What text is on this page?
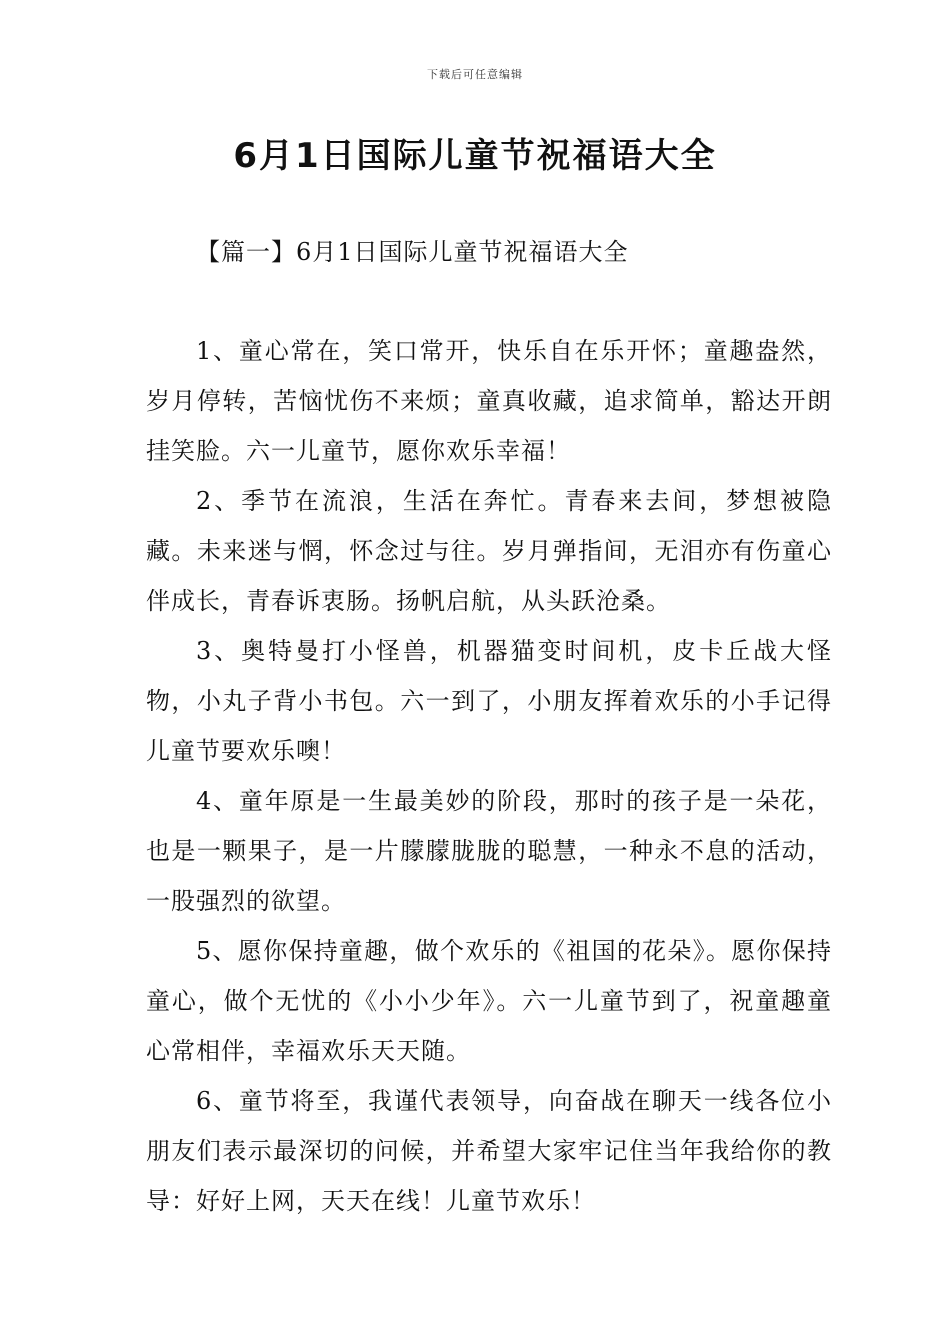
下载后可任意编辑
6月1日国际儿童节祝福语大全
【篇一】6月1日国际儿童节祝福语大全

1、童心常在，笑口常开，快乐自在乐开怀；童趣盎然，岁月停转，苦恼忧伤不来烦；童真收藏，追求简单，豁达开朗挂笑脸。六一儿童节，愿你欢乐幸福！

2、季节在流浪，生活在奔忙。青春来去间，梦想被隐藏。未来迷与惘，怀念过与往。岁月弹指间，无泪亦有伤童心伴成长，青春诉衷肠。扬帆启航，从头跃沧桑。

3、奥特曼打小怪兽，机器猫变时间机，皮卡丘战大怪物，小丸子背小书包。六一到了，小朋友挥着欢乐的小手记得儿童节要欢乐噢！

4、童年原是一生最美妙的阶段，那时的孩子是一朵花，也是一颗果子，是一片朦朦胧胧的聪慧，一种永不息的活动，一股强烈的欲望。

5、愿你保持童趣，做个欢乐的《祖国的花朵》。愿你保持童心，做个无忧的《小小少年》。六一儿童节到了，祝童趣童心常相伴，幸福欢乐天天随。

6、童节将至，我谨代表领导，向奋战在聊天一线各位小朋友们表示最深切的问候，并希望大家牢记住当年我给你的教导：好好上网，天天在线！儿童节欢乐！
